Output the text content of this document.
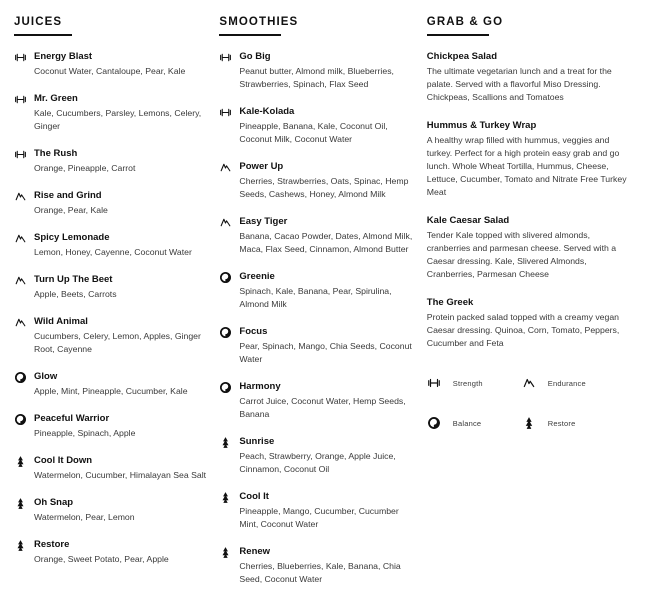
JUICES
Energy Blast
Coconut Water, Cantaloupe, Pear, Kale
Mr. Green
Kale, Cucumbers, Parsley, Lemons, Celery, Ginger
The Rush
Orange, Pineapple, Carrot
Rise and Grind
Orange, Pear, Kale
Spicy Lemonade
Lemon, Honey, Cayenne, Coconut Water
Turn Up The Beet
Apple, Beets, Carrots
Wild Animal
Cucumbers, Celery, Lemon, Apples, Ginger Root, Cayenne
Glow
Apple, Mint, Pineapple, Cucumber, Kale
Peaceful Warrior
Pineapple, Spinach, Apple
Cool It Down
Watermelon, Cucumber, Himalayan Sea Salt
Oh Snap
Watermelon, Pear, Lemon
Restore
Orange, Sweet Potato, Pear, Apple
SMOOTHIES
Go Big
Peanut butter, Almond milk, Blueberries, Strawberries, Spinach, Flax Seed
Kale-Kolada
Pineapple, Banana, Kale, Coconut Oil, Coconut Milk, Coconut Water
Power Up
Cherries, Strawberries, Oats, Spinac, Hemp Seeds, Cashews, Honey, Almond Milk
Easy Tiger
Banana, Cacao Powder, Dates, Almond Milk, Maca, Flax Seed, Cinnamon, Almond Butter
Greenie
Spinach, Kale, Banana, Pear, Spirulina, Almond Milk
Focus
Pear, Spinach, Mango, Chia Seeds, Coconut Water
Harmony
Carrot Juice, Coconut Water, Hemp Seeds, Banana
Sunrise
Peach, Strawberry, Orange, Apple Juice, Cinnamon, Coconut Oil
Cool It
Pineapple, Mango, Cucumber, Cucumber Mint, Coconut Water
Renew
Cherries, Blueberries, Kale, Banana, Chia Seed, Coconut Water
GRAB & GO
Chickpea Salad
The ultimate vegetarian lunch and a treat for the palate. Served with a flavorful Miso Dressing. Chickpeas, Scallions and Tomatoes
Hummus & Turkey Wrap
A healthy wrap filled with hummus, veggies and turkey. Perfect for a high protein easy grab and go lunch. Whole Wheat Tortilla, Hummus, Cheese, Lettuce, Cucumber, Tomato and Nitrate Free Turkey Meat
Kale Caesar Salad
Tender Kale topped with slivered almonds, cranberries and parmesan cheese. Served with a Caesar dressing. Kale, Slivered Almonds, Cranberries, Parmesan Cheese
The Greek
Protein packed salad topped with a creamy vegan Caesar dressing. Quinoa, Corn, Tomato, Peppers, Cucumber and Feta
Strength	Endurance
Balance	Restore
